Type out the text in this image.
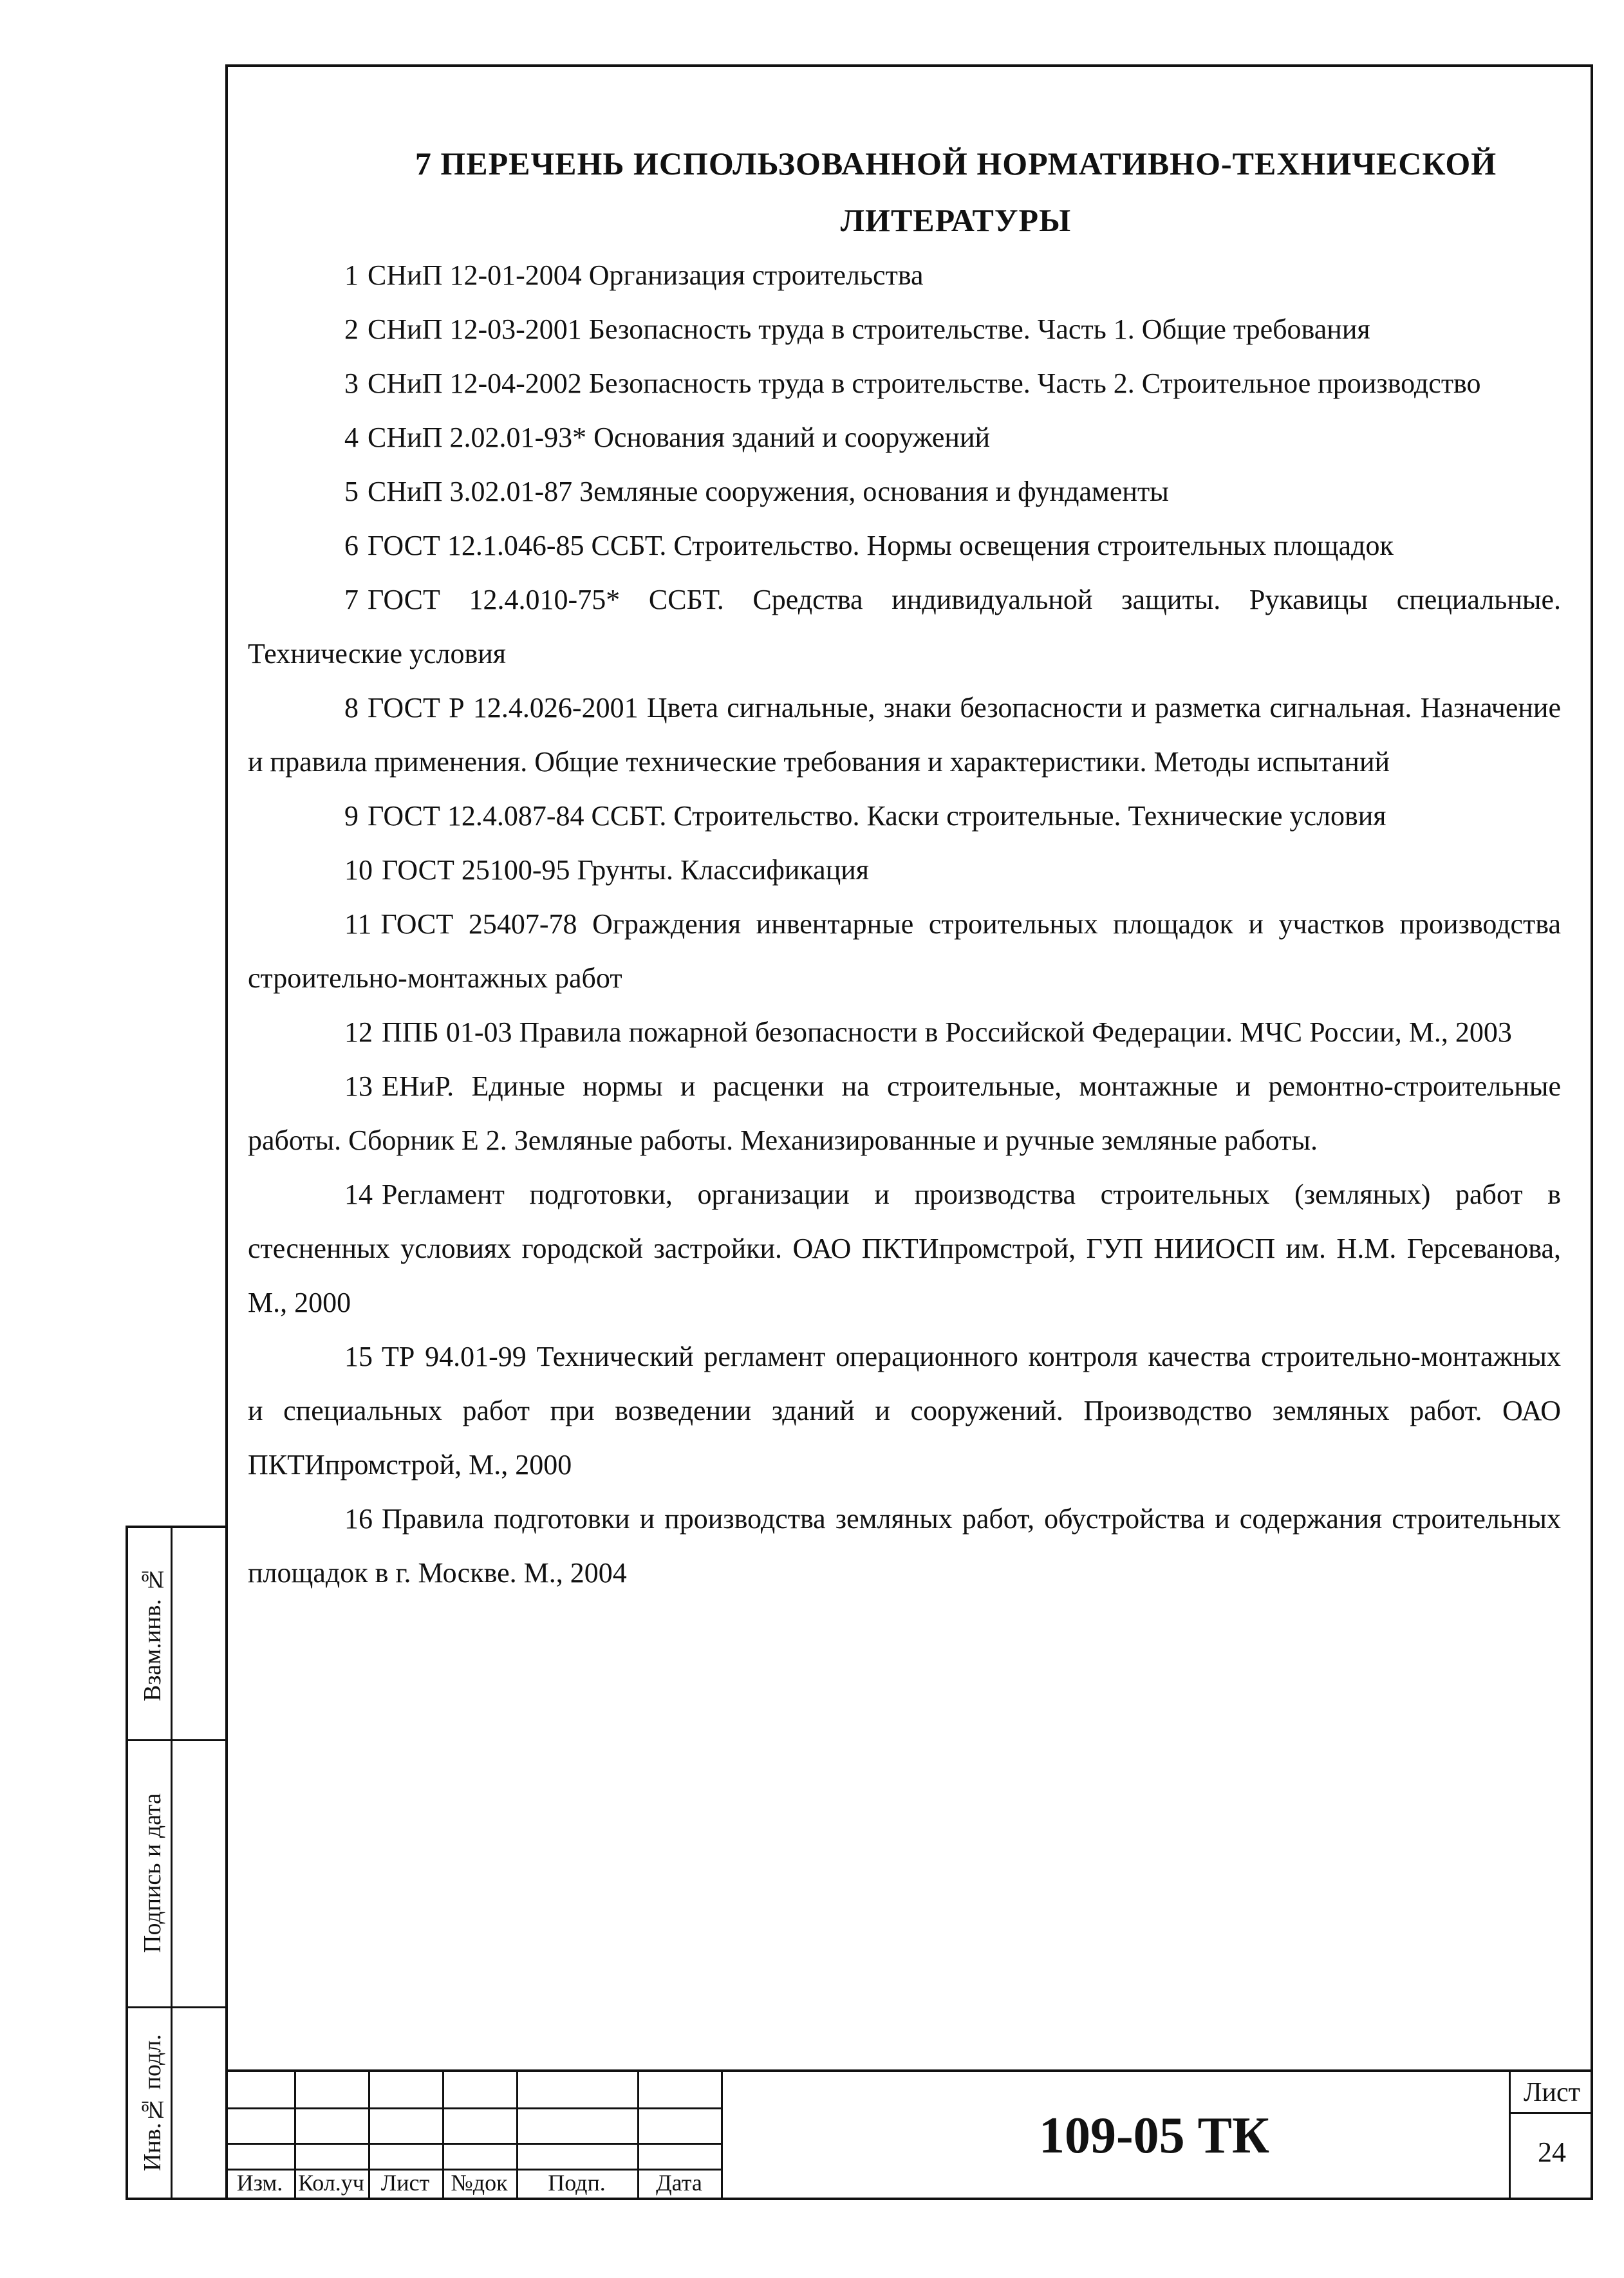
Взам.инв. №
Подпись и дата
Инв.№ подл.
7 ПЕРЕЧЕНЬ ИСПОЛЬЗОВАННОЙ НОРМАТИВНО-ТЕХНИЧЕСКОЙ
ЛИТЕРАТУРЫ

1 СНиП 12-01-2004 Организация строительства

2 СНиП 12-03-2001 Безопасность труда в строительстве. Часть 1. Общие требования

3 СНиП 12-04-2002 Безопасность труда в строительстве. Часть 2. Строительное производство

4 СНиП 2.02.01-93* Основания зданий и сооружений

5 СНиП 3.02.01-87 Земляные сооружения, основания и фундаменты

6 ГОСТ 12.1.046-85 ССБТ. Строительство. Нормы освещения строительных площадок

7 ГОСТ 12.4.010-75* ССБТ. Средства индивидуальной защиты. Рукавицы специальные. Технические условия

8 ГОСТ Р 12.4.026-2001 Цвета сигнальные, знаки безопасности и разметка сигнальная. Назначение и правила применения. Общие технические требования и характеристики. Методы испытаний

9 ГОСТ 12.4.087-84 ССБТ. Строительство. Каски строительные. Технические условия

10 ГОСТ 25100-95 Грунты. Классификация

11 ГОСТ 25407-78 Ограждения инвентарные строительных площадок и участков производства строительно-монтажных работ

12 ППБ 01-03 Правила пожарной безопасности в Российской Федерации. МЧС России, М., 2003

13 ЕНиР. Единые нормы и расценки на строительные, монтажные и ремонтно-строительные работы. Сборник Е 2. Земляные работы. Механизированные и ручные земляные работы.

14 Регламент подготовки, организации и производства строительных (земляных) работ в стесненных условиях городской застройки. ОАО ПКТИпромстрой, ГУП НИИОСП им. Н.М. Герсеванова, М., 2000

15 ТР 94.01-99 Технический регламент операционного контроля качества строительно-монтажных и специальных работ при возведении зданий и сооружений. Производство земляных работ. ОАО ПКТИпромстрой, М., 2000

16 Правила подготовки и производства земляных работ, обустройства и содержания строительных площадок в г. Москве. М., 2004

Изм. Кол.уч Лист №док	Подп.	Дата
109-05 ТК
Лист
24
